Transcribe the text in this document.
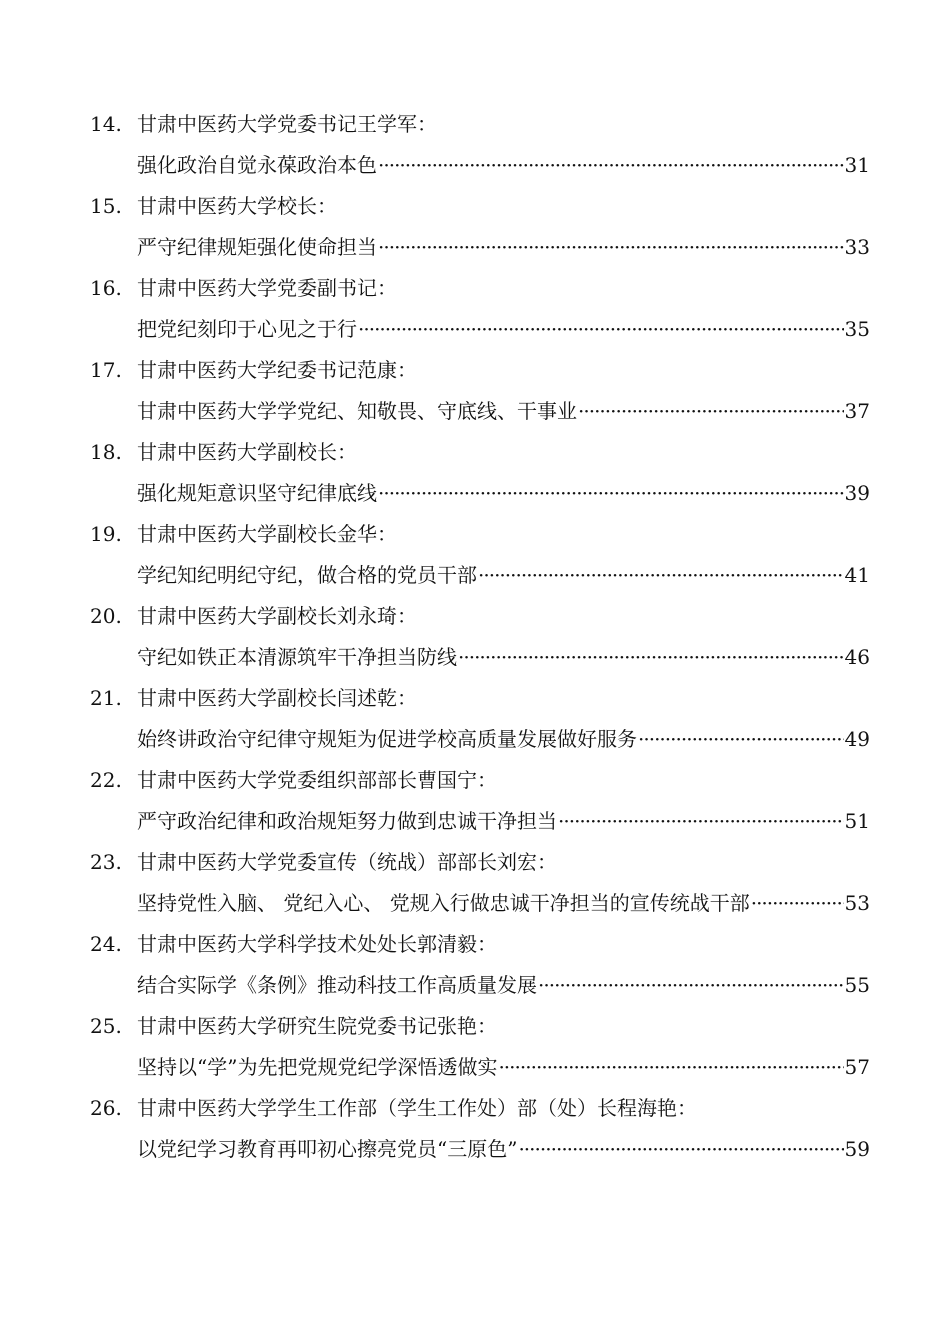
14. 甘肃中医药大学党委书记王学军：
强化政治自觉永葆政治本色 ·····	31
15. 甘肃中医药大学校长：
严守纪律规矩强化使命担当 ·····	33
16. 甘肃中医药大学党委副书记：
把党纪刻印于心见之于行 ·····	35
17. 甘肃中医药大学纪委书记范康：
甘肃中医药大学学党纪、知敬畏、守底线、干事业 ·····	37
18. 甘肃中医药大学副校长：
强化规矩意识坚守纪律底线 ·····	39
19. 甘肃中医药大学副校长金华：
学纪知纪明纪守纪，做合格的党员干部 ·····	41
20. 甘肃中医药大学副校长刘永琦：
守纪如铁正本清源筑牢干净担当防线 ·····	46
21. 甘肃中医药大学副校长闫述乾：
始终讲政治守纪律守规矩为促进学校高质量发展做好服务 ·····	49
22. 甘肃中医药大学党委组织部部长曹国宁：
严守政治纪律和政治规矩努力做到忠诚干净担当 ·····	51
23. 甘肃中医药大学党委宣传（统战）部部长刘宏：
坚持党性入脑、 党纪入心、 党规入行做忠诚干净担当的宣传统战干部 ·····	53
24. 甘肃中医药大学科学技术处处长郭清毅：
结合实际学《条例》推动科技工作高质量发展 ·····	55
25. 甘肃中医药大学研究生院党委书记张艳：
坚持以“学”为先把党规党纪学深悟透做实 ·····	57
26. 甘肃中医药大学学生工作部（学生工作处）部（处）长程海艳：
以党纪学习教育再叩初心擦亮党员“三原色” ·····	59
